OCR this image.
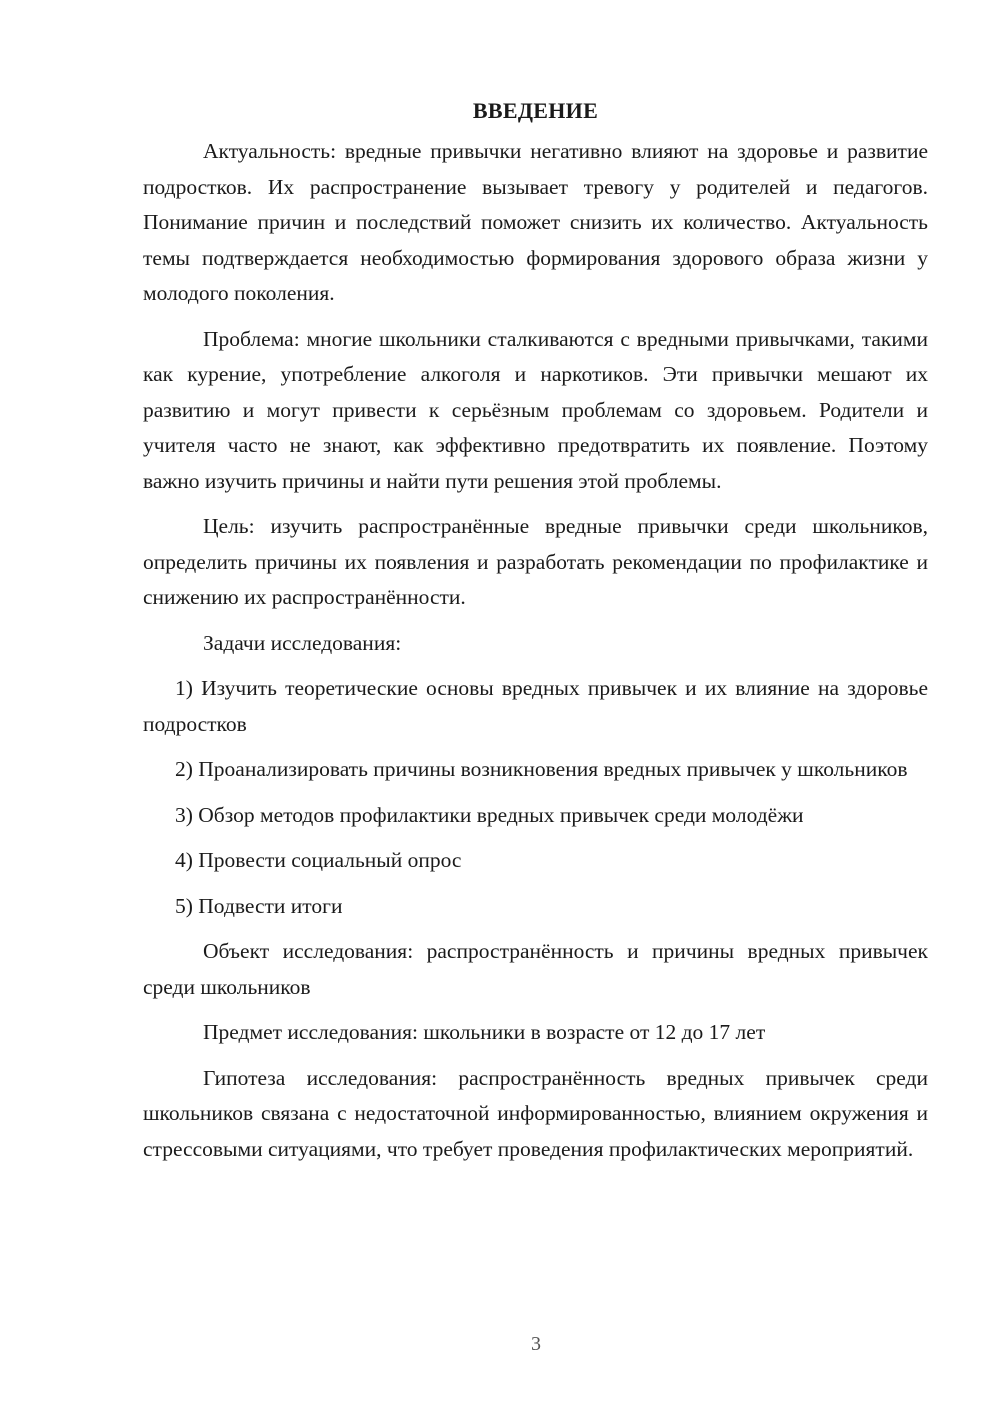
ВВЕДЕНИЕ

Актуальность: вредные привычки негативно влияют на здоровье и развитие подростков. Их распространение вызывает тревогу у родителей и педагогов. Понимание причин и последствий поможет снизить их количество. Актуальность темы подтверждается необходимостью формирования здорового образа жизни у молодого поколения.

Проблема: многие школьники сталкиваются с вредными привычками, такими как курение, употребление алкоголя и наркотиков. Эти привычки мешают их развитию и могут привести к серьёзным проблемам со здоровьем. Родители и учителя часто не знают, как эффективно предотвратить их появление. Поэтому важно изучить причины и найти пути решения этой проблемы.

Цель: изучить распространённые вредные привычки среди школьников, определить причины их появления и разработать рекомендации по профилактике и снижению их распространённости.

Задачи исследования:

1) Изучить теоретические основы вредных привычек и их влияние на здоровье подростков

2) Проанализировать причины возникновения вредных привычек у школьников

3) Обзор методов профилактики вредных привычек среди молодёжи

4) Провести социальный опрос

5) Подвести итоги

Объект исследования: распространённость и причины вредных привычек среди школьников

Предмет исследования: школьники в возрасте от 12 до 17 лет

Гипотеза исследования: распространённость вредных привычек среди школьников связана с недостаточной информированностью, влиянием окружения и стрессовыми ситуациями, что требует проведения профилактических мероприятий.

3
